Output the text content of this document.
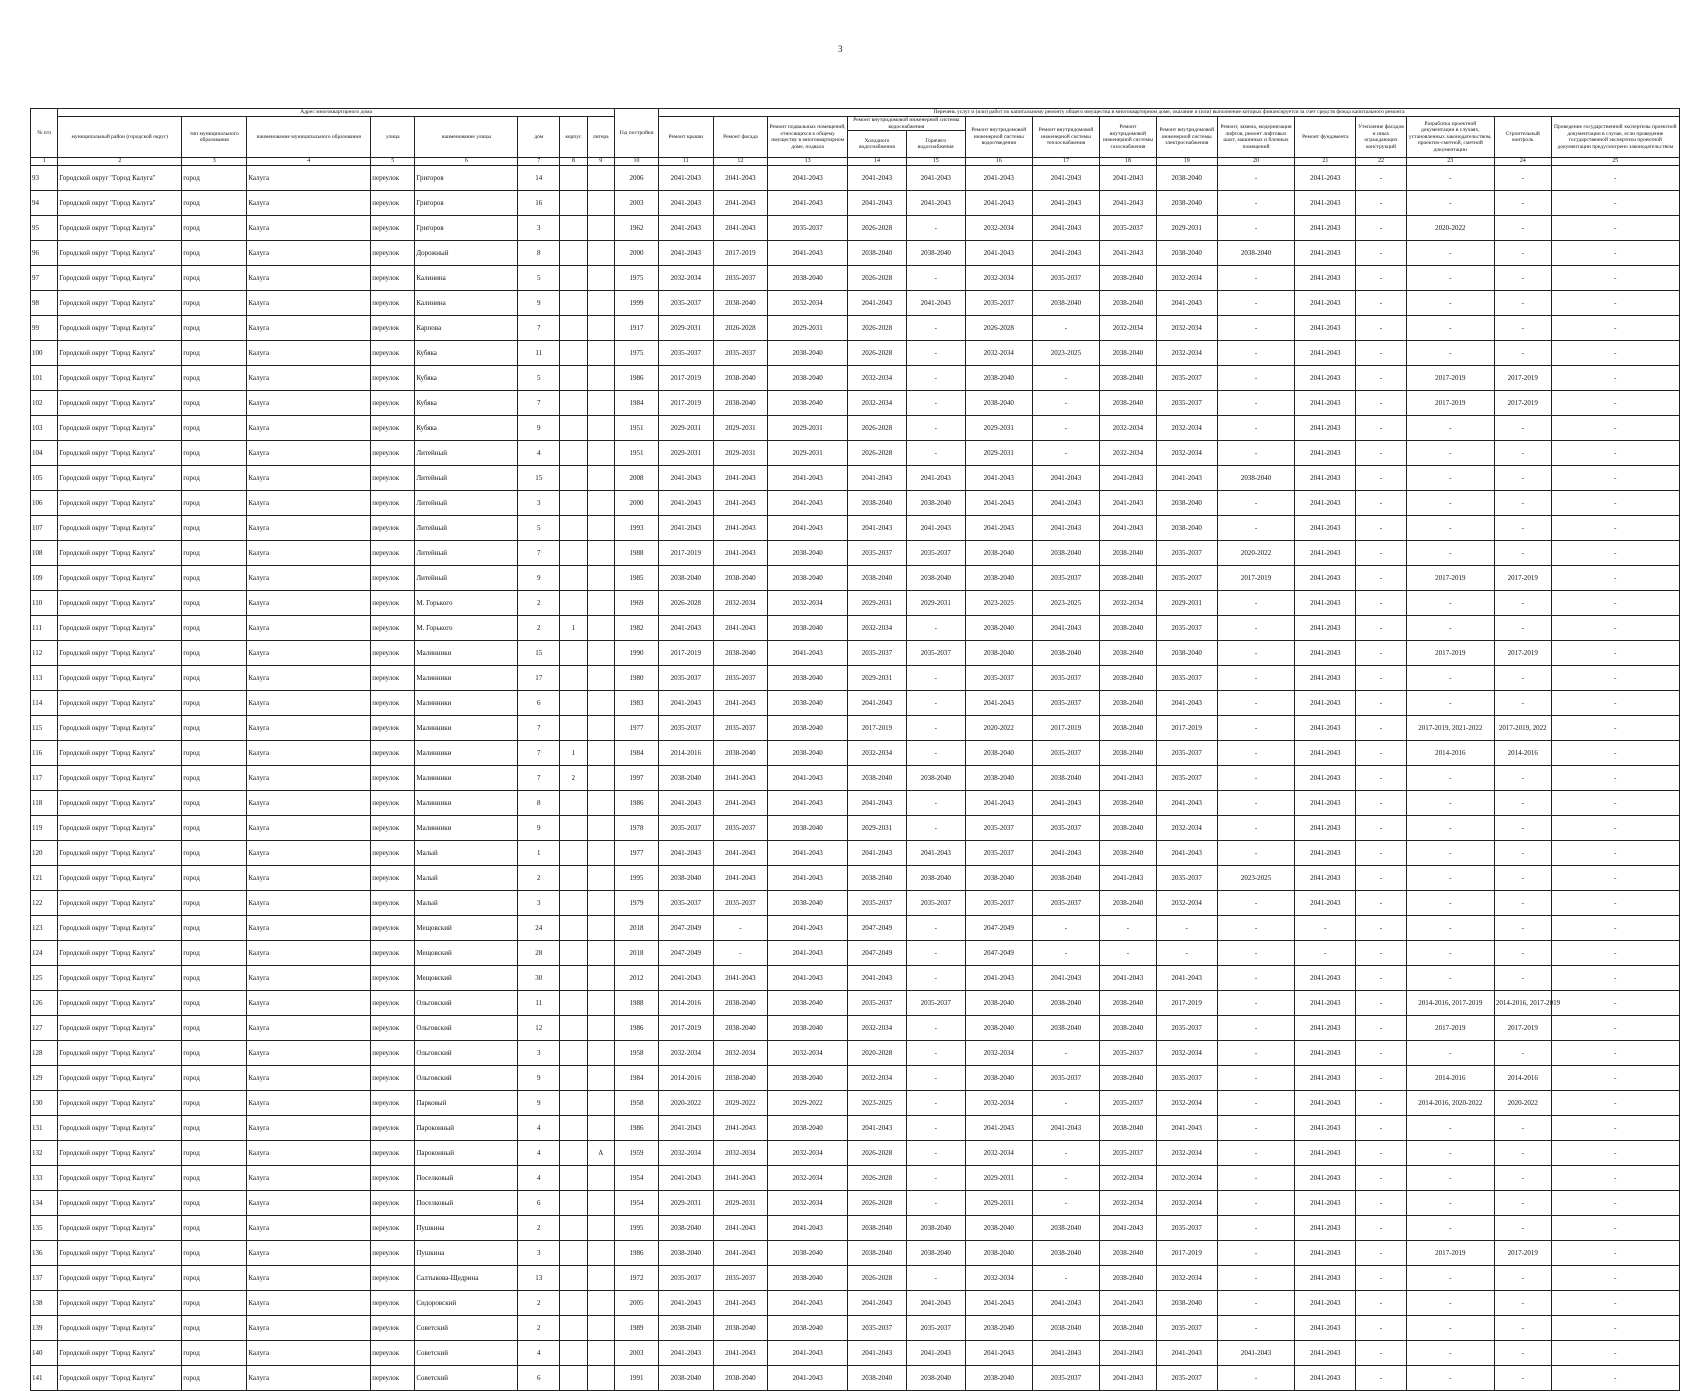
3
№ п/п	Адрес многоквартирного дома								Год постройки	Перечень услуг и (или) работ по капитальному ремонту общего имущества в многоквартирном доме, оказание и (или) выполнение которых финансируется за счет средств фонда капитального ремонта														
	муниципальный район (городской округ)	тип муниципального образования	наименование муниципального образования	улица	наименование улицы	дом	корпус	литера		Ремонт крыши	Ремонт фасада	Ремонт подвальных помещений, относящихся к общему имуществу в многоквартирном доме, подвала	Ремонт внутридомовой инженерной системы водоснабжения		Ремонт внутридомовой инженерной системы водоотведения	Ремонт внутридомовой инженерной системы теплоснабжения	Ремонт внутридомовой инженерной системы газоснабжения	Ремонт внутридомовой инженерной системы электроснабжения	Ремонт, замена, модернизация лифтов, ремонт лифтовых шахт, машинных и блочных помещений	Ремонт фундамента	Утепление фасадов и иных ограждающих конструкций	Разработка проектной документации в случаях, установленных законодательством, проектно-сметной, сметной документации	Строительный контроль	Проведение государственной экспертизы проектной документации в случае, если проведение государственной экспертизы проектной документации предусмотрено законодательством
													Холодного водоснабжения	Горячего водоснабжения										
1	2	3	4	5	6	7	8	9	10	11	12	13	14	15	16	17	18	19	20	21	22	23	24	25
93	Городской округ "Город Калуга"	город	Калуга	переулок	Григоров	14			2006	2041-2043	2041-2043	2041-2043	2041-2043	2041-2043	2041-2043	2041-2043	2041-2043	2038-2040	-	2041-2043	-	-	-	-
94	Городской округ "Город Калуга"	город	Калуга	переулок	Григоров	16			2003	2041-2043	2041-2043	2041-2043	2041-2043	2041-2043	2041-2043	2041-2043	2041-2043	2038-2040	-	2041-2043	-	-	-	-
95	Городской округ "Город Калуга"	город	Калуга	переулок	Григоров	3			1962	2041-2043	2041-2043	2035-2037	2026-2028	-	2032-2034	2041-2043	2035-2037	2029-2031	-	2041-2043	-	2020-2022	-	-
96	Городской округ "Город Калуга"	город	Калуга	переулок	Дорожный	8			2000	2041-2043	2017-2019	2041-2043	2038-2040	2038-2040	2041-2043	2041-2043	2041-2043	2038-2040	2038-2040	2041-2043	-	-	-	-
97	Городской округ "Город Калуга"	город	Калуга	переулок	Калинина	5			1975	2032-2034	2035-2037	2038-2040	2026-2028	-	2032-2034	2035-2037	2038-2040	2032-2034	-	2041-2043	-	-	-	-
98	Городской округ "Город Калуга"	город	Калуга	переулок	Калинина	9			1999	2035-2037	2038-2040	2032-2034	2041-2043	2041-2043	2035-2037	2038-2040	2038-2040	2041-2043	-	2041-2043	-	-	-	-
99	Городской округ "Город Калуга"	город	Калуга	переулок	Карпова	7			1917	2029-2031	2026-2028	2029-2031	2026-2028	-	2026-2028	-	2032-2034	2032-2034	-	2041-2043	-	-	-	-
100	Городской округ "Город Калуга"	город	Калуга	переулок	Кубяка	11			1975	2035-2037	2035-2037	2038-2040	2026-2028	-	2032-2034	2023-2025	2038-2040	2032-2034	-	2041-2043	-	-	-	-
101	Городской округ "Город Калуга"	город	Калуга	переулок	Кубяка	5			1986	2017-2019	2038-2040	2038-2040	2032-2034	-	2038-2040	-	2038-2040	2035-2037	-	2041-2043	-	2017-2019	2017-2019	-
102	Городской округ "Город Калуга"	город	Калуга	переулок	Кубяка	7			1984	2017-2019	2038-2040	2038-2040	2032-2034	-	2038-2040	-	2038-2040	2035-2037	-	2041-2043	-	2017-2019	2017-2019	-
103	Городской округ "Город Калуга"	город	Калуга	переулок	Кубяка	9			1951	2029-2031	2029-2031	2029-2031	2026-2028	-	2029-2031	-	2032-2034	2032-2034	-	2041-2043	-	-	-	-
104	Городской округ "Город Калуга"	город	Калуга	переулок	Литейный	4			1951	2029-2031	2029-2031	2029-2031	2026-2028	-	2029-2031	-	2032-2034	2032-2034	-	2041-2043	-	-	-	-
105	Городской округ "Город Калуга"	город	Калуга	переулок	Литейный	15			2008	2041-2043	2041-2043	2041-2043	2041-2043	2041-2043	2041-2043	2041-2043	2041-2043	2041-2043	2038-2040	2041-2043	-	-	-	-
106	Городской округ "Город Калуга"	город	Калуга	переулок	Литейный	3			2000	2041-2043	2041-2043	2041-2043	2038-2040	2038-2040	2041-2043	2041-2043	2041-2043	2038-2040	-	2041-2043	-	-	-	-
107	Городской округ "Город Калуга"	город	Калуга	переулок	Литейный	5			1993	2041-2043	2041-2043	2041-2043	2041-2043	2041-2043	2041-2043	2041-2043	2041-2043	2038-2040	-	2041-2043	-	-	-	-
108	Городской округ "Город Калуга"	город	Калуга	переулок	Литейный	7			1988	2017-2019	2041-2043	2038-2040	2035-2037	2035-2037	2038-2040	2038-2040	2038-2040	2035-2037	2020-2022	2041-2043	-	-	-	-
109	Городской округ "Город Калуга"	город	Калуга	переулок	Литейный	9			1985	2038-2040	2038-2040	2038-2040	2038-2040	2038-2040	2038-2040	2035-2037	2038-2040	2035-2037	2017-2019	2041-2043	-	2017-2019	2017-2019	-
110	Городской округ "Город Калуга"	город	Калуга	переулок	М. Горького	2			1969	2026-2028	2032-2034	2032-2034	2029-2031	2029-2031	2023-2025	2023-2025	2032-2034	2029-2031	-	2041-2043	-	-	-	-
111	Городской округ "Город Калуга"	город	Калуга	переулок	М. Горького	2	1		1982	2041-2043	2041-2043	2038-2040	2032-2034	-	2038-2040	2041-2043	2038-2040	2035-2037	-	2041-2043	-	-	-	-
112	Городской округ "Город Калуга"	город	Калуга	переулок	Малинники	15			1990	2017-2019	2038-2040	2041-2043	2035-2037	2035-2037	2038-2040	2038-2040	2038-2040	2038-2040	-	2041-2043	-	2017-2019	2017-2019	-
113	Городской округ "Город Калуга"	город	Калуга	переулок	Малинники	17			1980	2035-2037	2035-2037	2038-2040	2029-2031	-	2035-2037	2035-2037	2038-2040	2035-2037	-	2041-2043	-	-	-	-
114	Городской округ "Город Калуга"	город	Калуга	переулок	Малинники	6			1983	2041-2043	2041-2043	2038-2040	2041-2043	-	2041-2043	2035-2037	2038-2040	2041-2043	-	2041-2043	-	-	-	-
115	Городской округ "Город Калуга"	город	Калуга	переулок	Малинники	7			1977	2035-2037	2035-2037	2038-2040	2017-2019	-	2020-2022	2017-2019	2038-2040	2017-2019	-	2041-2043	-	2017-2019, 2021-2022	2017-2019, 2022	-
116	Городской округ "Город Калуга"	город	Калуга	переулок	Малинники	7	1		1984	2014-2016	2038-2040	2038-2040	2032-2034	-	2038-2040	2035-2037	2038-2040	2035-2037	-	2041-2043	-	2014-2016	2014-2016	-
117	Городской округ "Город Калуга"	город	Калуга	переулок	Малинники	7	2		1997	2038-2040	2041-2043	2041-2043	2038-2040	2038-2040	2038-2040	2038-2040	2041-2043	2035-2037	-	2041-2043	-	-	-	-
118	Городской округ "Город Калуга"	город	Калуга	переулок	Малинники	8			1986	2041-2043	2041-2043	2041-2043	2041-2043	-	2041-2043	2041-2043	2038-2040	2041-2043	-	2041-2043	-	-	-	-
119	Городской округ "Город Калуга"	город	Калуга	переулок	Малинники	9			1978	2035-2037	2035-2037	2038-2040	2029-2031	-	2035-2037	2035-2037	2038-2040	2032-2034	-	2041-2043	-	-	-	-
120	Городской округ "Город Калуга"	город	Калуга	переулок	Малый	1			1977	2041-2043	2041-2043	2041-2043	2041-2043	2041-2043	2035-2037	2041-2043	2038-2040	2041-2043	-	2041-2043	-	-	-	-
121	Городской округ "Город Калуга"	город	Калуга	переулок	Малый	2			1995	2038-2040	2041-2043	2041-2043	2038-2040	2038-2040	2038-2040	2038-2040	2041-2043	2035-2037	2023-2025	2041-2043	-	-	-	-
122	Городской округ "Город Калуга"	город	Калуга	переулок	Малый	3			1979	2035-2037	2035-2037	2038-2040	2035-2037	2035-2037	2035-2037	2035-2037	2038-2040	2032-2034	-	2041-2043	-	-	-	-
123	Городской округ "Город Калуга"	город	Калуга	переулок	Мещовский	24			2018	2047-2049	-	2041-2043	2047-2049	-	2047-2049	-	-	-	-	-	-	-	-	-
124	Городской округ "Город Калуга"	город	Калуга	переулок	Мещовский	28			2018	2047-2049	-	2041-2043	2047-2049	-	2047-2049	-	-	-	-	-	-	-	-	-
125	Городской округ "Город Калуга"	город	Калуга	переулок	Мещовский	30			2012	2041-2043	2041-2043	2041-2043	2041-2043	-	2041-2043	2041-2043	2041-2043	2041-2043	-	2041-2043	-	-	-	-
126	Городской округ "Город Калуга"	город	Калуга	переулок	Ольговский	11			1988	2014-2016	2038-2040	2038-2040	2035-2037	2035-2037	2038-2040	2038-2040	2038-2040	2017-2019	-	2041-2043	-	2014-2016, 2017-2019	2014-2016, 2017-2019	-
127	Городской округ "Город Калуга"	город	Калуга	переулок	Ольговский	12			1986	2017-2019	2038-2040	2038-2040	2032-2034	-	2038-2040	2038-2040	2038-2040	2035-2037	-	2041-2043	-	2017-2019	2017-2019	-
128	Городской округ "Город Калуга"	город	Калуга	переулок	Ольговский	3			1958	2032-2034	2032-2034	2032-2034	2020-2028	-	2032-2034	-	2035-2037	2032-2034	-	2041-2043	-	-	-	-
129	Городской округ "Город Калуга"	город	Калуга	переулок	Ольговский	9			1984	2014-2016	2038-2040	2038-2040	2032-2034	-	2038-2040	2035-2037	2038-2040	2035-2037	-	2041-2043	-	2014-2016	2014-2016	-
130	Городской округ "Город Калуга"	город	Калуга	переулок	Парковый	9			1958	2020-2022	2029-2022	2029-2022	2023-2025	-	2032-2034	-	2035-2037	2032-2034	-	2041-2043	-	2014-2016, 2020-2022	2020-2022	-
131	Городской округ "Город Калуга"	город	Калуга	переулок	Пароконный	4			1986	2041-2043	2041-2043	2038-2040	2041-2043	-	2041-2043	2041-2043	2038-2040	2041-2043	-	2041-2043	-	-	-	-
132	Городской округ "Город Калуга"	город	Калуга	переулок	Пароконный	4		А	1959	2032-2034	2032-2034	2032-2034	2026-2028	-	2032-2034	-	2035-2037	2032-2034	-	2041-2043	-	-	-	-
133	Городской округ "Город Калуга"	город	Калуга	переулок	Поселковый	4			1954	2041-2043	2041-2043	2032-2034	2026-2028	-	2029-2031	-	2032-2034	2032-2034	-	2041-2043	-	-	-	-
134	Городской округ "Город Калуга"	город	Калуга	переулок	Поселковый	6			1954	2029-2031	2029-2031	2032-2034	2026-2028	-	2029-2031	-	2032-2034	2032-2034	-	2041-2043	-	-	-	-
135	Городской округ "Город Калуга"	город	Калуга	переулок	Пушкина	2			1995	2038-2040	2041-2043	2041-2043	2038-2040	2038-2040	2038-2040	2038-2040	2041-2043	2035-2037	-	2041-2043	-	-	-	-
136	Городской округ "Город Калуга"	город	Калуга	переулок	Пушкина	3			1986	2038-2040	2041-2043	2038-2040	2038-2040	2038-2040	2038-2040	2038-2040	2038-2040	2017-2019	-	2041-2043	-	2017-2019	2017-2019	-
137	Городской округ "Город Калуга"	город	Калуга	переулок	Салтыкова-Щедрина	13			1972	2035-2037	2035-2037	2038-2040	2026-2028	-	2032-2034	-	2038-2040	2032-2034	-	2041-2043	-	-	-	-
138	Городской округ "Город Калуга"	город	Калуга	переулок	Сидоровский	2			2005	2041-2043	2041-2043	2041-2043	2041-2043	2041-2043	2041-2043	2041-2043	2041-2043	2038-2040	-	2041-2043	-	-	-	-
139	Городской округ "Город Калуга"	город	Калуга	переулок	Советский	2			1989	2038-2040	2038-2040	2038-2040	2035-2037	2035-2037	2038-2040	2038-2040	2038-2040	2035-2037	-	2041-2043	-	-	-	-
140	Городской округ "Город Калуга"	город	Калуга	переулок	Советский	4			2003	2041-2043	2041-2043	2041-2043	2041-2043	2041-2043	2041-2043	2041-2043	2041-2043	2041-2043	2041-2043	2041-2043	-	-	-	-
141	Городской округ "Город Калуга"	город	Калуга	переулок	Советский	6			1991	2038-2040	2038-2040	2041-2043	2038-2040	2038-2040	2038-2040	2035-2037	2041-2043	2035-2037	-	2041-2043	-	-	-	-
